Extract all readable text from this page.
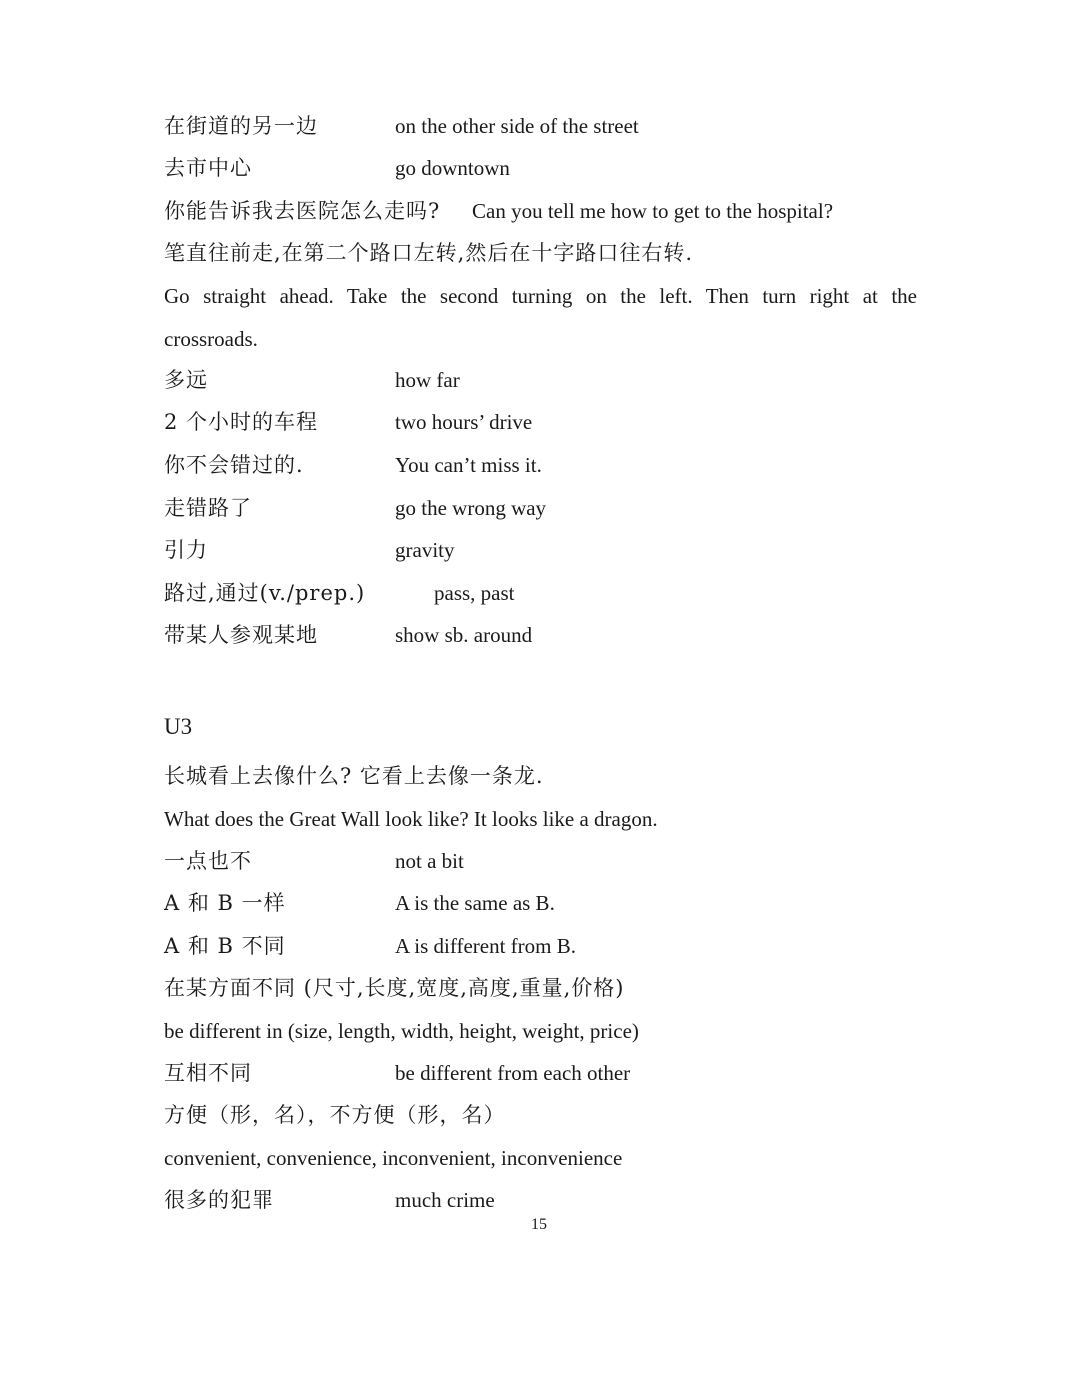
在街道的另一边	on the other side of the street
去市中心	go downtown
你能告诉我去医院怎么走吗? Can you tell me how to get to the hospital?
笔直往前走,在第二个路口左转,然后在十字路口往右转.
Go straight ahead. Take the second turning on the left. Then turn right at the
crossroads.
多远	how far
2 个小时的车程	two hours’ drive
你不会错过的.	You can’t miss it.
走错路了	go the wrong way
引力	gravity
路过,通过(v./prep.)	pass, past
带某人参观某地	show sb. around
U3
长城看上去像什么? 它看上去像一条龙.
What does the Great Wall look like? It looks like a dragon.
一点也不	not a bit
A 和 B 一样	A is the same as B.
A 和 B 不同	A is different from B.
在某方面不同 (尺寸,长度,宽度,高度,重量,价格)
be different in (size, length, width, height, weight, price)
互相不同	be different from each other
方便（形，名），不方便（形，名）
convenient, convenience, inconvenient, inconvenience
很多的犯罪	much crime
15
